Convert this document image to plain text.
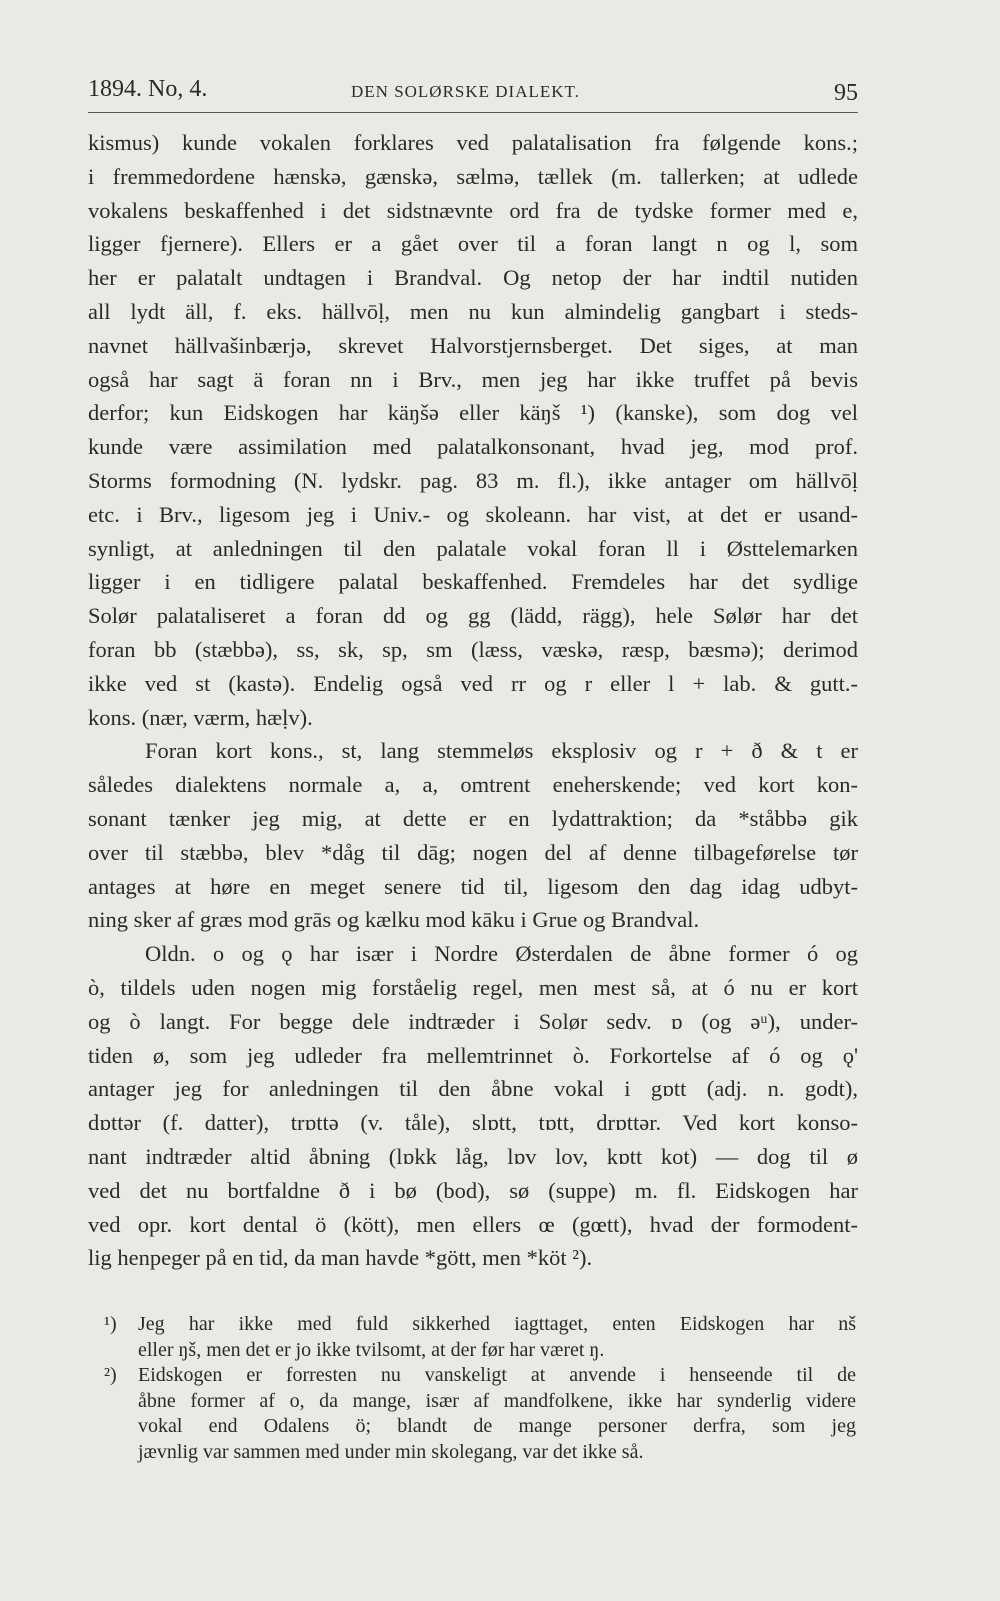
1894. No, 4.	DEN SOLØRSKE DIALEKT.	95
kismus) kunde vokalen forklares ved palatalisation fra følgende kons.;
i fremmedordene hænskə, gænskə, sælmə, tællek (m. tallerken; at udlede
vokalens beskaffenhed i det sidstnævnte ord fra de tydske former med e,
ligger fjernere). Ellers er a gået over til a foran langt n og l, som
her er palatalt undtagen i Brandval. Og netop der har indtil nutiden
all lydt äll, f. eks. hällvōḷ, men nu kun almindelig gangbart i steds-
navnet hällvašinbærjə, skrevet Halvorstjernsberget. Det siges, at man
også har sagt ä foran nn i Brv., men jeg har ikke truffet på bevis
derfor; kun Eidskogen har käŋšə eller käŋš ¹) (kanske), som dog vel
kunde være assimilation med palatalkonsonant, hvad jeg, mod prof.
Storms formodning (N. lydskr. pag. 83 m. fl.), ikke antager om hällvōḷ
etc. i Brv., ligesom jeg i Univ.- og skoleann. har vist, at det er usand-
synligt, at anledningen til den palatale vokal foran ll i Østtelemarken
ligger i en tidligere palatal beskaffenhed. Fremdeles har det sydlige
Solør palataliseret a foran dd og gg (lädd, rägg), hele Sølør har det
foran bb (stæbbə), ss, sk, sp, sm (læss, væskə, ræsp, bæsmə); derimod
ikke ved st (kastə). Endelig også ved rr og r eller l + lab. & gutt.-
kons. (nær, værm, hæḷv).
Foran kort kons., st, lang stemmeløs eksplosiv og r + ð & t er
således dialektens normale a, a, omtrent eneherskende; ved kort kon-
sonant tænker jeg mig, at dette er en lydattraktion; da *ståbbə gik
over til stæbbə, blev *dåg til dāg; nogen del af denne tilbageførelse tør
antages at høre en meget senere tid til, ligesom den dag idag udbyt-
ning sker af græs mod grās og kælku mod kāku i Grue og Brandval.
Oldn. o og ǫ har især i Nordre Østerdalen de åbne former ó og
ò, tildels uden nogen mig forståelig regel, men mest så, at ó nu er kort
og ò langt. For begge dele indtræder i Solør sedv. ɒ (og əᵘ), under-
tiden ø, som jeg udleder fra mellemtrinnet ò. Forkortelse af ó og ǫ'
antager jeg for anledningen til den åbne vokal i gɒtt (adj. n. godt),
dɒttər (f. datter), trɒttə (v. tåle), slɒtt, tɒtt, drɒttər. Ved kort konso-
nant indtræder altid åbning (lɒkk låg, lɒv lov, kɒtt kot) — dog til ø
ved det nu bortfaldne ð i bø (bod), sø (suppe) m. fl. Eidskogen har
ved opr. kort dental ö (kött), men ellers œ (gœtt), hvad der formodent-
lig henpeger på en tid, da man havde *gött, men *köt ²).
¹) Jeg har ikke med fuld sikkerhed iagttaget, enten Eidskogen har nš
eller ŋš, men det er jo ikke tvilsomt, at der før har været ŋ.
²) Eidskogen er forresten nu vanskeligt at anvende i henseende til de
åbne former af o, da mange, især af mandfolkene, ikke har synderlig videre
vokal end Odalens ö; blandt de mange personer derfra, som jeg
jævnlig var sammen med under min skolegang, var det ikke så.
